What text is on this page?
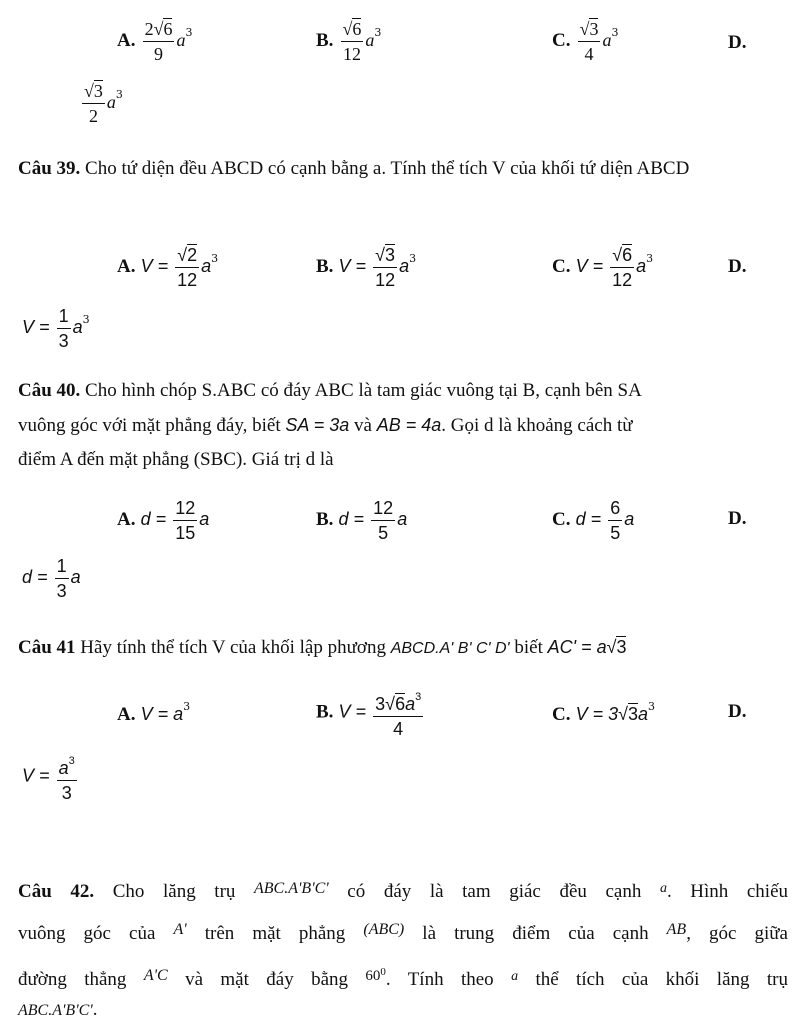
A. $\frac{2√6}{9} a^3$	B. $\frac{√6}{12} a^3$	C. $\frac{√3}{4} a^3$	D.
$\frac{√3}{2} a^3$
Câu 39. Cho tứ diện đều ABCD có cạnh bằng a. Tính thể tích V của khối tứ diện ABCD
A. $V = \frac{√2}{12} a^3$	B. $V = \frac{√3}{12} a^3$	C. $V = \frac{√6}{12} a^3$	D.
$V = \frac{1}{3} a^3$
Câu 40. Cho hình chóp S.ABC có đáy ABC là tam giác vuông tại B, cạnh bên SA
vuông góc với mặt phẳng đáy, biết SA = 3a và AB = 4a. Gọi d là khoảng cách từ
điểm A đến mặt phẳng (SBC). Giá trị d là
A. $d = \frac{12}{15}$ a	B. $d = \frac{12}{5}$ a	C. $d = \frac{6}{5}$ a	D.
$d = \frac{1}{3}$ a
Câu 41 Hãy tính thể tích V của khối lập phương ABCD.A' B' C' D' biết AC' = a√3
A. $V = a^3$	B. $V = \frac{3√6a^3}{4}$	C. $V = 3√3a^3$	D.
$V = \frac{a^3}{3}$
Câu 42. Cho lăng trụ $^{ABC.A'B'C'}$ có đáy là tam giác đều cạnh $^a$. Hình chiếu
vuông góc của $^{A'}$ trên mặt phẳng $^{(ABC)}$ là trung điểm của cạnh $^{AB}$, góc giữa
đường thẳng $^{A'C}$ và mặt đáy bằng $^{600}$. Tính theo $^a$ thể tích của khối lăng trụ
ABC.A'B'C'.
